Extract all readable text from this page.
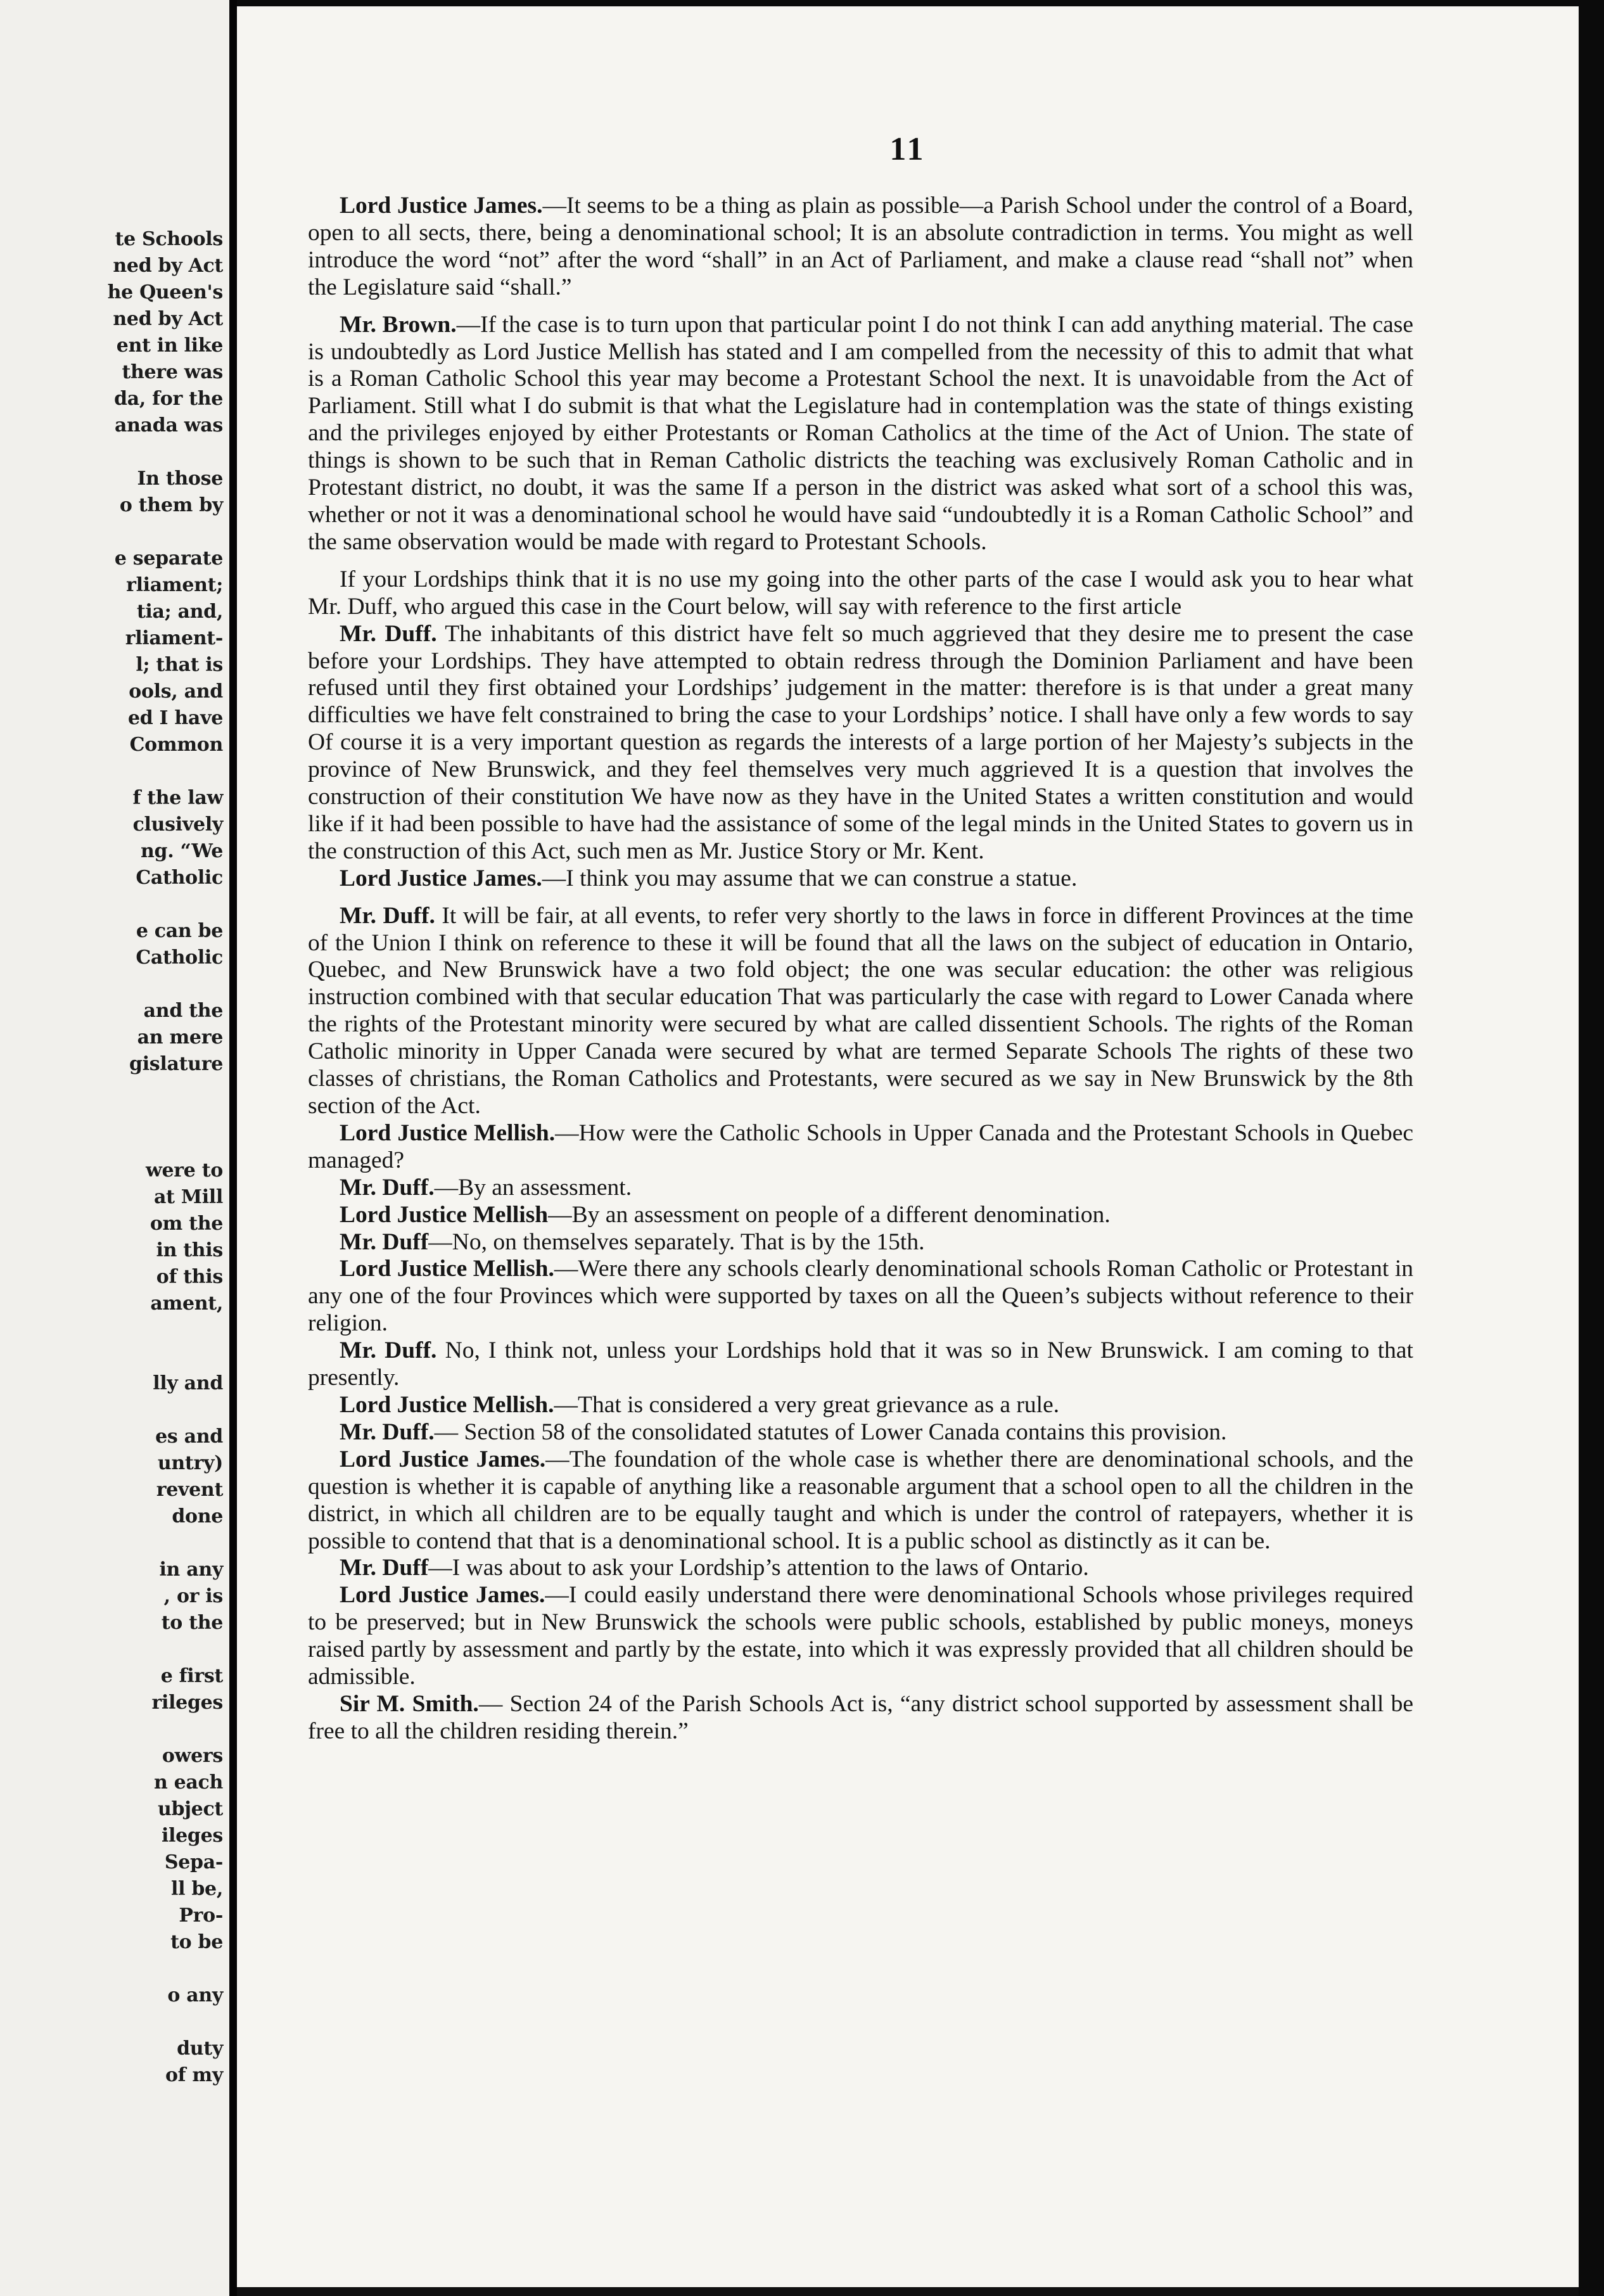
te Schools
ned by Act
he Queen's
ned by Act
ent in like
there was
da, for the
anada was
In those
o them by
e separate
rliament;
tia; and,
rliament-
l; that is
ools, and
ed I have
Common
f the law
clusively
ng. “We
Catholic
e can be
Catholic
and the
an mere
gislature
were to
at Mill
om the
in this
of this
ament,
lly and
es and
untry)
revent
done
in any
, or is
to the
e first
rileges
owers
n each
ubject
ileges
Sepa-
ll be,
Pro-
to be
o any
duty
of my
11

Lord Justice James.—It seems to be a thing as plain as possible—a Parish School under the control of a Board, open to all sects, there, being a denominational school; It is an absolute contradiction in terms. You might as well introduce the word “not” after the word “shall” in an Act of Parliament, and make a clause read “shall not” when the Legislature said “shall.”

Mr. Brown.—If the case is to turn upon that particular point I do not think I can add anything material. The case is undoubtedly as Lord Justice Mellish has stated and I am compelled from the necessity of this to admit that what is a Roman Catholic School this year may become a Protestant School the next. It is unavoidable from the Act of Parliament. Still what I do submit is that what the Legislature had in contemplation was the state of things existing and the privileges enjoyed by either Protestants or Roman Catholics at the time of the Act of Union. The state of things is shown to be such that in Reman Catholic districts the teaching was exclusively Roman Catholic and in Protestant district, no doubt, it was the same If a person in the district was asked what sort of a school this was, whether or not it was a denominational school he would have said “undoubtedly it is a Roman Catholic School” and the same observation would be made with regard to Protestant Schools.

If your Lordships think that it is no use my going into the other parts of the case I would ask you to hear what Mr. Duff, who argued this case in the Court below, will say with reference to the first article

Mr. Duff. The inhabitants of this district have felt so much aggrieved that they desire me to present the case before your Lordships. They have attempted to obtain redress through the Dominion Parliament and have been refused until they first obtained your Lordships’ judgement in the matter: therefore is is that under a great many difficulties we have felt constrained to bring the case to your Lordships’ notice. I shall have only a few words to say Of course it is a very important question as regards the interests of a large portion of her Majesty’s subjects in the province of New Brunswick, and they feel themselves very much aggrieved It is a question that involves the construction of their constitution We have now as they have in the United States a written constitution and would like if it had been possible to have had the assistance of some of the legal minds in the United States to govern us in the construction of this Act, such men as Mr. Justice Story or Mr. Kent.

Lord Justice James.—I think you may assume that we can construe a statue.

Mr. Duff. It will be fair, at all events, to refer very shortly to the laws in force in different Provinces at the time of the Union I think on reference to these it will be found that all the laws on the subject of education in Ontario, Quebec, and New Brunswick have a two fold object; the one was secular education: the other was religious instruction combined with that secular education That was particularly the case with regard to Lower Canada where the rights of the Protestant minority were secured by what are called dissentient Schools. The rights of the Roman Catholic minority in Upper Canada were secured by what are termed Separate Schools The rights of these two classes of christians, the Roman Catholics and Protestants, were secured as we say in New Brunswick by the 8th section of the Act.

Lord Justice Mellish.—How were the Catholic Schools in Upper Canada and the Protestant Schools in Quebec managed?

Mr. Duff.—By an assessment.

Lord Justice Mellish—By an assessment on people of a different denomination.

Mr. Duff—No, on themselves separately. That is by the 15th.

Lord Justice Mellish.—Were there any schools clearly denominational schools Roman Catholic or Protestant in any one of the four Provinces which were supported by taxes on all the Queen’s subjects without reference to their religion.

Mr. Duff. No, I think not, unless your Lordships hold that it was so in New Brunswick. I am coming to that presently.

Lord Justice Mellish.—That is considered a very great grievance as a rule.

Mr. Duff.— Section 58 of the consolidated statutes of Lower Canada contains this provision.

Lord Justice James.—The foundation of the whole case is whether there are denominational schools, and the question is whether it is capable of anything like a reasonable argument that a school open to all the children in the district, in which all children are to be equally taught and which is under the control of ratepayers, whether it is possible to contend that that is a denominational school. It is a public school as distinctly as it can be.

Mr. Duff—I was about to ask your Lordship’s attention to the laws of Ontario.

Lord Justice James.—I could easily understand there were denominational Schools whose privileges required to be preserved; but in New Brunswick the schools were public schools, established by public moneys, moneys raised partly by assessment and partly by the estate, into which it was expressly provided that all children should be admissible.

Sir M. Smith.— Section 24 of the Parish Schools Act is, “any district school supported by assessment shall be free to all the children residing therein.”
